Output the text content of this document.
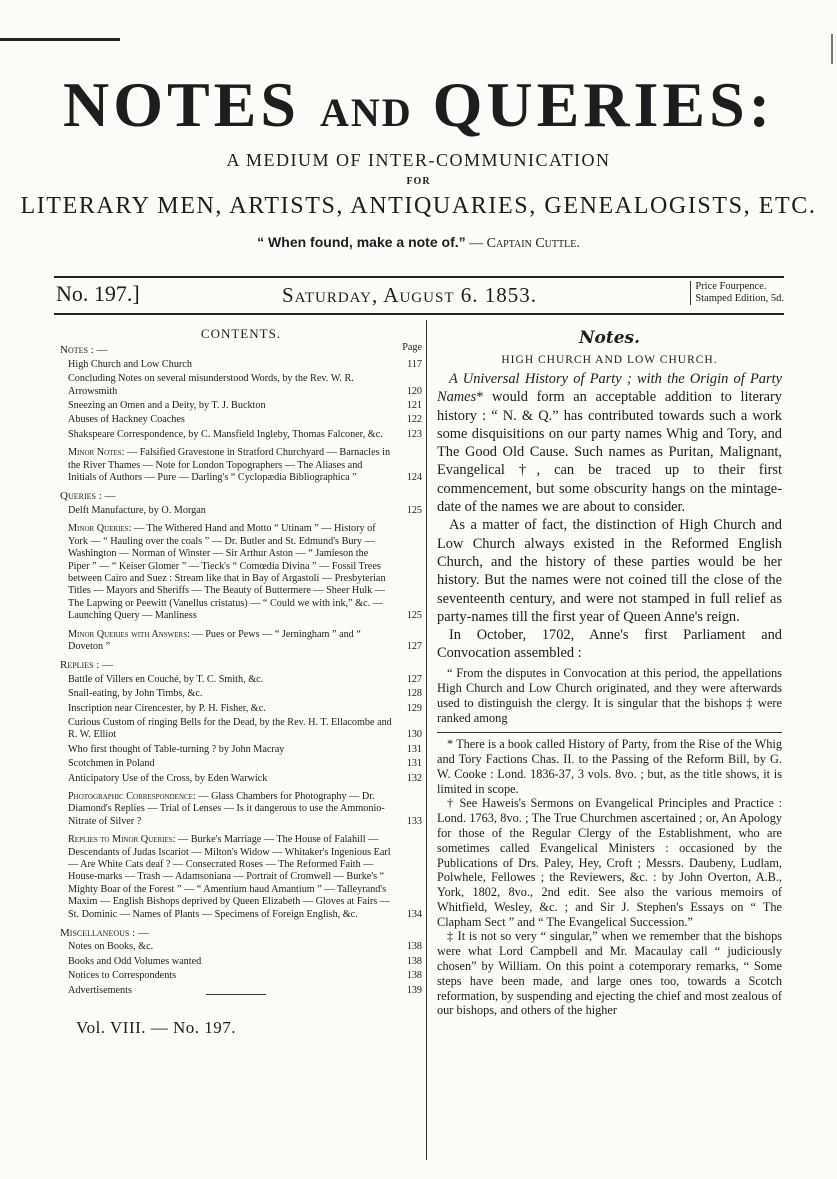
NOTES AND QUERIES:
A MEDIUM OF INTER-COMMUNICATION
FOR
LITERARY MEN, ARTISTS, ANTIQUARIES, GENEALOGISTS, ETC.
“ When found, make a note of.” — Captain Cuttle.
No. 197.]	Saturday, August 6. 1853.	Price Fourpence.
Stamped Edition, 5d.
CONTENTS.
Notes : —	Page
High Church and Low Church	117
Concluding Notes on several misunderstood Words, by the Rev. W. R. Arrowsmith	120
Sneezing an Omen and a Deity, by T. J. Buckton	121
Abuses of Hackney Coaches	122
Shakspeare Correspondence, by C. Mansfield Ingleby, Thomas Falconer, &c.	123
Minor Notes: — Falsified Gravestone in Stratford Churchyard — Barnacles in the River Thames — Note for London Topographers — The Aliases and Initials of Authors — Pure — Darling's “ Cyclopædia Bibliographica ”	124
Queries : —
Delft Manufacture, by O. Morgan	125
Minor Queries: — The Withered Hand and Motto “ Utinam ” — History of York — “ Hauling over the coals ” — Dr. Butler and St. Edmund's Bury — Washington — Norman of Winster — Sir Arthur Aston — “ Jamieson the Piper ” — “ Keiser Glomer ” — Tieck's “ Comœdia Divina ” — Fossil Trees between Cairo and Suez : Stream like that in Bay of Argastoli — Presbyterian Titles — Mayors and Sheriffs — The Beauty of Buttermere — Sheer Hulk — The Lapwing or Peewitt (Vanellus cristatus) — “ Could we with ink,” &c. — Launching Query — Manliness	125
Minor Queries with Answers: — Pues or Pews — “ Jerningham ” and “ Doveton ”	127
Replies : —
Battle of Villers en Couché, by T. C. Smith, &c.	127
Snail-eating, by John Timbs, &c.	128
Inscription near Cirencester, by P. H. Fisher, &c.	129
Curious Custom of ringing Bells for the Dead, by the Rev. H. T. Ellacombe and R. W. Elliot	130
Who first thought of Table-turning ? by John Macray	131
Scotchmen in Poland	131
Anticipatory Use of the Cross, by Eden Warwick	132
Photographic Correspondence: — Glass Chambers for Photography — Dr. Diamond's Replies — Trial of Lenses — Is it dangerous to use the Ammonio-Nitrate of Silver ?	133
Replies to Minor Queries: — Burke's Marriage — The House of Falahill — Descendants of Judas Iscariot — Milton's Widow — Whitaker's Ingenious Earl — Are White Cats deaf ? — Consecrated Roses — The Reformed Faith — House-marks — Trash — Adamsoniana — Portrait of Cromwell — Burke's “ Mighty Boar of the Forest ” — “ Amentium haud Amantium ” — Talleyrand's Maxim — English Bishops deprived by Queen Elizabeth — Gloves at Fairs — St. Dominic — Names of Plants — Specimens of Foreign English, &c.	134
Miscellaneous : —
Notes on Books, &c.	138
Books and Odd Volumes wanted	138
Notices to Correspondents	138
Advertisements	139
Vol. VIII. — No. 197.
Notes.
HIGH CHURCH AND LOW CHURCH.

A Universal History of Party ; with the Origin of Party Names* would form an acceptable addition to literary history : “ N. & Q.” has contributed towards such a work some disquisitions on our party names Whig and Tory, and The Good Old Cause. Such names as Puritan, Malignant, Evangelical †, can be traced up to their first commencement, but some obscurity hangs on the mintage-date of the names we are about to consider.

As a matter of fact, the distinction of High Church and Low Church always existed in the Reformed English Church, and the history of these parties would be her history. But the names were not coined till the close of the seventeenth century, and were not stamped in full relief as party-names till the first year of Queen Anne's reign.

In October, 1702, Anne's first Parliament and Convocation assembled :

“ From the disputes in Convocation at this period, the appellations High Church and Low Church originated, and they were afterwards used to distinguish the clergy. It is singular that the bishops ‡ were ranked among

* There is a book called History of Party, from the Rise of the Whig and Tory Factions Chas. II. to the Passing of the Reform Bill, by G. W. Cooke : Lond. 1836-37, 3 vols. 8vo. ; but, as the title shows, it is limited in scope.

† See Haweis's Sermons on Evangelical Principles and Practice : Lond. 1763, 8vo. ; The True Churchmen ascertained ; or, An Apology for those of the Regular Clergy of the Establishment, who are sometimes called Evangelical Ministers : occasioned by the Publications of Drs. Paley, Hey, Croft ; Messrs. Daubeny, Ludlam, Polwhele, Fellowes ; the Reviewers, &c. : by John Overton, A.B., York, 1802, 8vo., 2nd edit. See also the various memoirs of Whitfield, Wesley, &c. ; and Sir J. Stephen's Essays on “ The Clapham Sect ” and “ The Evangelical Succession.”

‡ It is not so very “ singular,” when we remember that the bishops were what Lord Campbell and Mr. Macaulay call “ judiciously chosen” by William. On this point a cotemporary remarks, “ Some steps have been made, and large ones too, towards a Scotch reformation, by suspending and ejecting the chief and most zealous of our bishops, and others of the higher
